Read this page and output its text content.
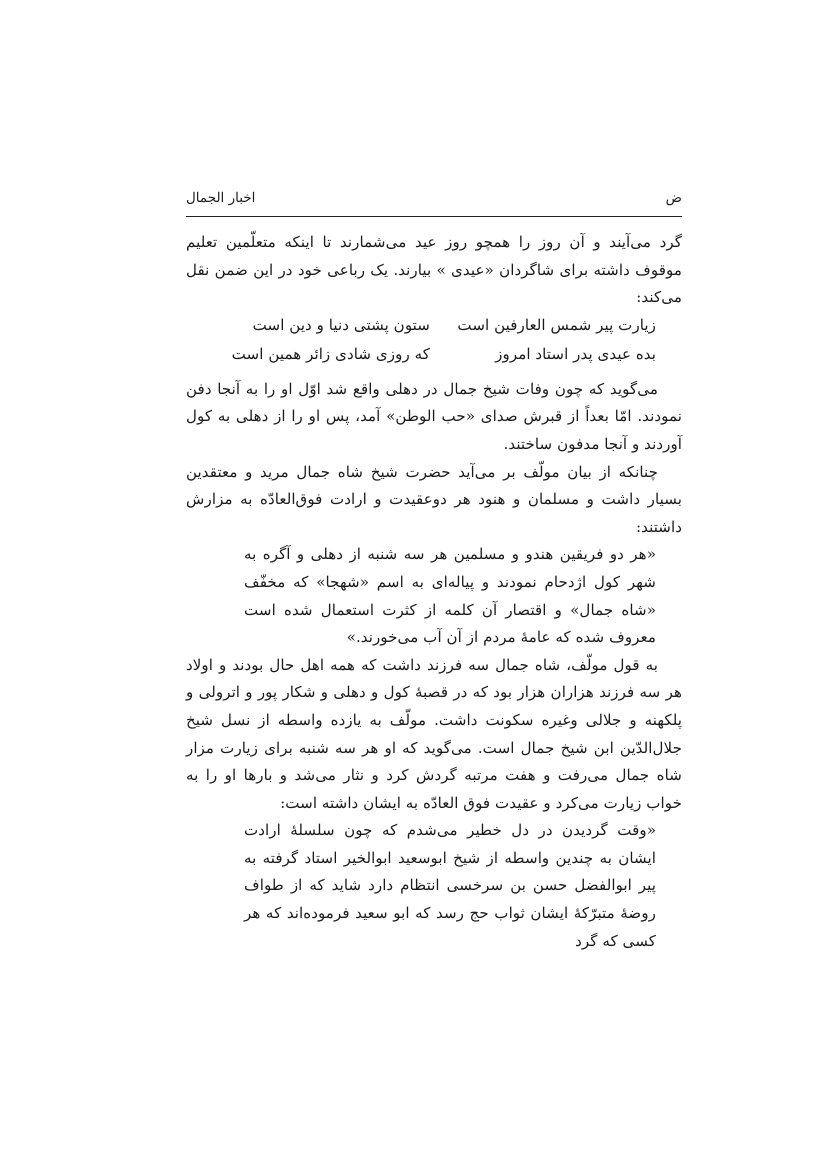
ض
اخبار الجمال

گرد می‌آیند و آن روز را همچو روز عید می‌شمارند تا اینکه متعلّمین تعلیم موقوف داشته برای شاگردان «عیدی » بیارند. یک رباعی خود در این ضمن نقل می‌کند:

زیارت پیر شمس العارفین است
ستون پشتی دنیا و دین است
بده عیدی پدر استاد امروز
که روزی شادی زائر همین است

می‌گوید که چون وفات شیخ جمال در دهلی واقع شد اوّل او را به آنجا دفن نمودند. امّا بعداً از قبرش صدای «حب الوطن» آمد، پس او را از دهلی به کول آوردند و آنجا مدفون ساختند.

چنانکه از بیان مولّف بر می‌آید حضرت شیخ شاه جمال مرید و معتقدین بسیار داشت و مسلمان و هنود هر دوعقیدت و ارادت فوق‌العادّه به مزارش داشتند:

«هر دو فریقین هندو و مسلمین هر سه شنبه از دهلی و آگره به شهر کول اژدحام نمودند و پیاله‌ای به اسم «شهجا» که مخفّف «شاه جمال» و اقتصار آن کلمه از کثرت استعمال شده است معروف شده که عامهٔ مردم از آن آب می‌خورند.»

به قول مولّف، شاه جمال سه فرزند داشت که همه اهل حال بودند و اولاد هر سه فرزند هزاران هزار بود که در قصبهٔ کول و دهلی و شکار پور و اترولی و پلکهنه و جلالی وغیره سکونت داشت. مولّف به یازده واسطه از نسل شیخ جلال‌الدّین ابن شیخ جمال است. می‌گوید که او هر سه شنبه برای زیارت مزار شاه جمال می‌رفت و هفت مرتبه گردش کرد و نثار می‌شد و بارها او را به خواب زیارت می‌کرد و عقیدت فوق العادّه به ایشان داشته است:

«وقت گردیدن در دل خطیر می‌شدم که چون سلسلهٔ ارادت ایشان به چندین واسطه از شیخ ابوسعید ابوالخیر استاد گرفته به پیر ابوالفضل حسن بن سرخسی انتظام دارد شاید که از طواف روضهٔ متبرّکهٔ ایشان ثواب حج رسد که ابو سعید فرموده‌اند که هر کسی که گرد
